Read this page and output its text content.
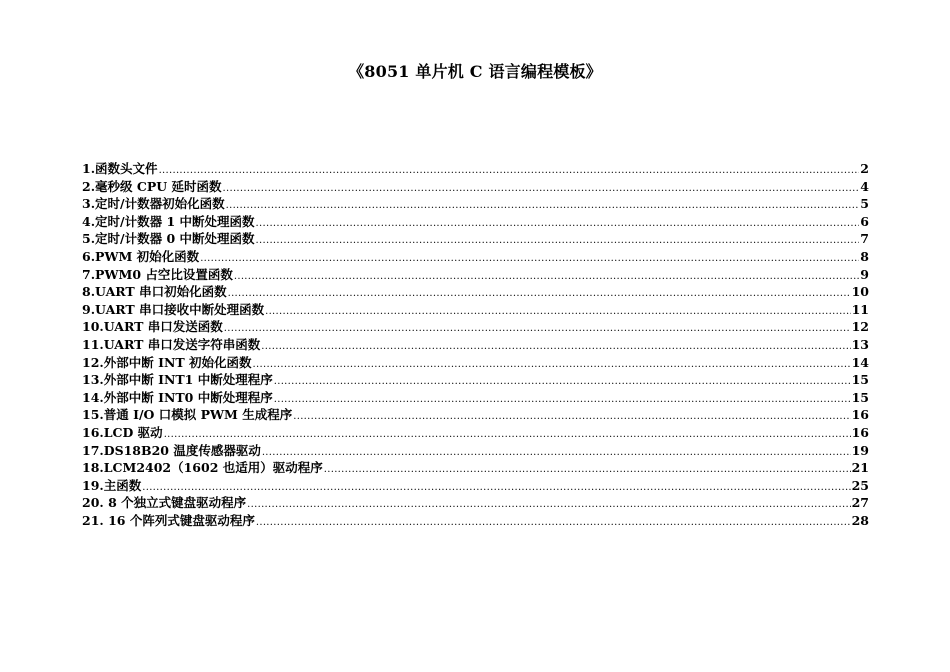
《8051 单片机 C 语言编程模板》
1.函数头文件 .....	2
2.毫秒级 CPU 延时函数 .....	4
3.定时/计数器初始化函数 .....	5
4.定时/计数器 1 中断处理函数 .....	6
5.定时/计数器 0 中断处理函数 .....	7
6.PWM 初始化函数 .....	8
7.PWM0 占空比设置函数 .....	9
8.UART 串口初始化函数 .....	10
9.UART 串口接收中断处理函数 .....	11
10.UART 串口发送函数 .....	12
11.UART 串口发送字符串函数 .....	13
12.外部中断 INT 初始化函数 .....	14
13.外部中断 INT1 中断处理程序 .....	15
14.外部中断 INT0 中断处理程序 .....	15
15.普通 I/O 口模拟 PWM 生成程序 .....	16
16.LCD 驱动 .....	16
17.DS18B20 温度传感器驱动 .....	19
18.LCM2402（1602 也适用）驱动程序 .....	21
19.主函数 .....	25
20. 8 个独立式键盘驱动程序 .....	27
21. 16 个阵列式键盘驱动程序 .....	28
